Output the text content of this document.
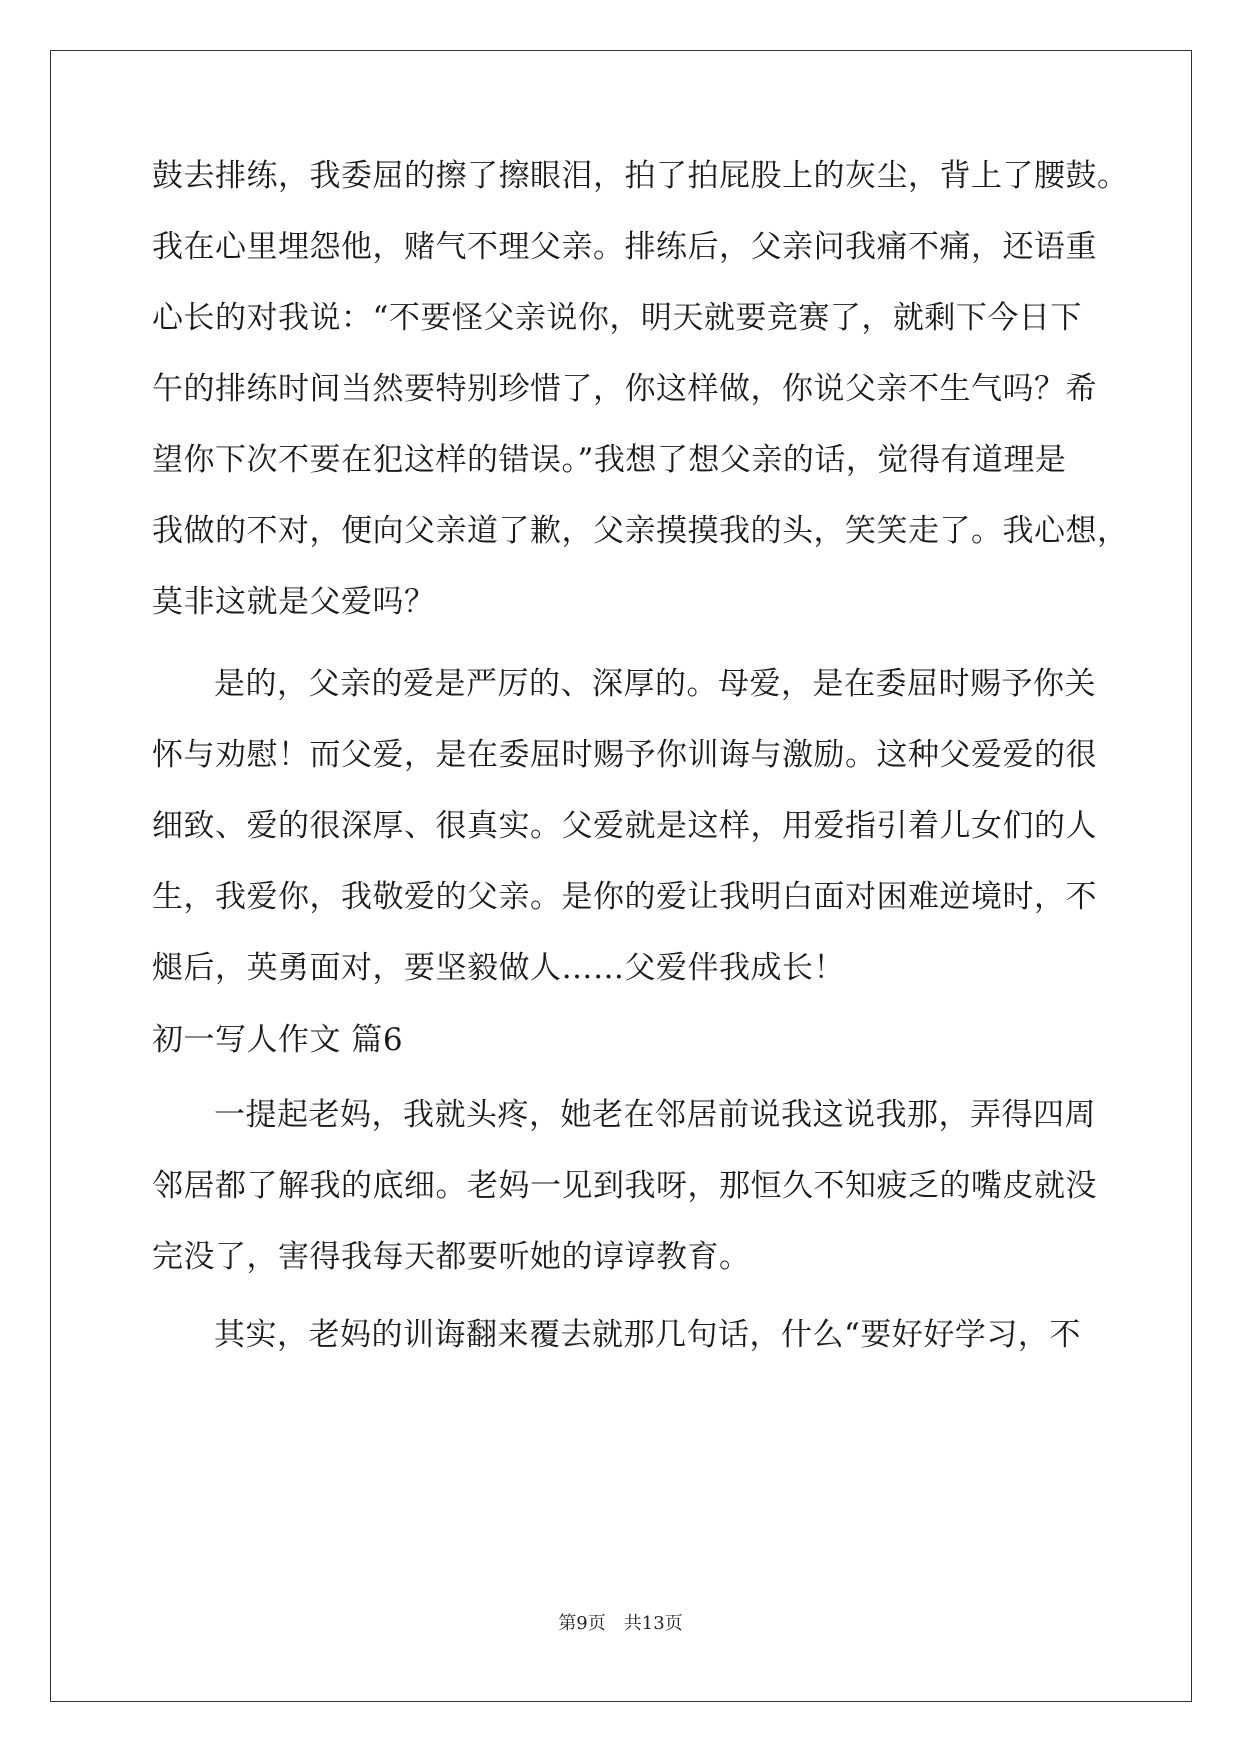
鼓去排练，我委屈的擦了擦眼泪，拍了拍屁股上的灰尘，背上了腰鼓。
我在心里埋怨他，赌气不理父亲。排练后，父亲问我痛不痛，还语重
心长的对我说：“不要怪父亲说你，明天就要竞赛了，就剩下今日下
午的排练时间当然要特别珍惜了，你这样做，你说父亲不生气吗？希
望你下次不要在犯这样的错误。”我想了想父亲的话，觉得有道理是
我做的不对，便向父亲道了歉，父亲摸摸我的头，笑笑走了。我心想，
莫非这就是父爱吗？
是的，父亲的爱是严厉的、深厚的。母爱，是在委屈时赐予你关
怀与劝慰！而父爱，是在委屈时赐予你训诲与激励。这种父爱爱的很
细致、爱的很深厚、很真实。父爱就是这样，用爱指引着儿女们的人
生，我爱你，我敬爱的父亲。是你的爱让我明白面对困难逆境时，不
煺后，英勇面对，要坚毅做人……父爱伴我成长！
初一写人作文 篇6
一提起老妈，我就头疼，她老在邻居前说我这说我那，弄得四周
邻居都了解我的底细。老妈一见到我呀，那恒久不知疲乏的嘴皮就没
完没了，害得我每天都要听她的谆谆教育。
其实，老妈的训诲翻来覆去就那几句话，什么“要好好学习，不
第9页 共13页
